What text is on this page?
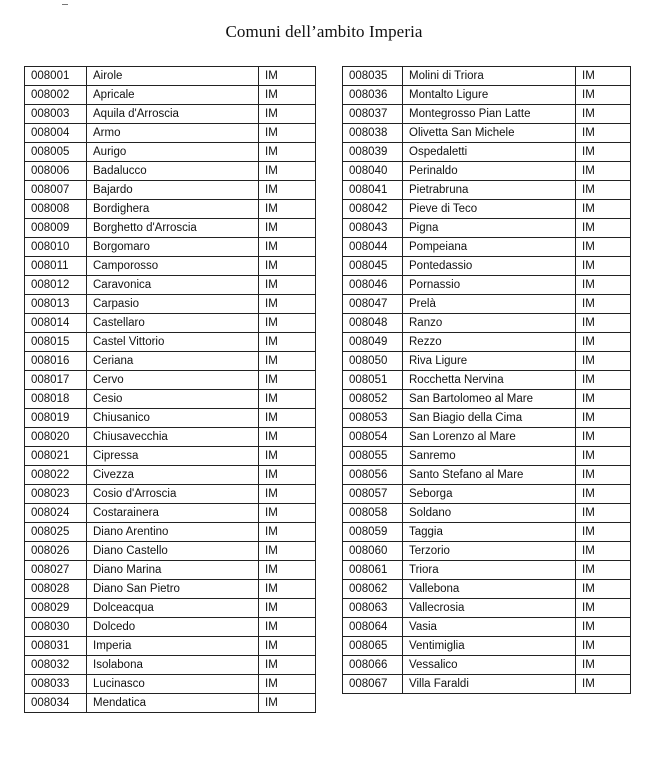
Comuni dell’ambito Imperia
008001	Airole	IM
008002	Apricale	IM
008003	Aquila d'Arroscia	IM
008004	Armo	IM
008005	Aurigo	IM
008006	Badalucco	IM
008007	Bajardo	IM
008008	Bordighera	IM
008009	Borghetto d'Arroscia	IM
008010	Borgomaro	IM
008011	Camporosso	IM
008012	Caravonica	IM
008013	Carpasio	IM
008014	Castellaro	IM
008015	Castel Vittorio	IM
008016	Ceriana	IM
008017	Cervo	IM
008018	Cesio	IM
008019	Chiusanico	IM
008020	Chiusavecchia	IM
008021	Cipressa	IM
008022	Civezza	IM
008023	Cosio d'Arroscia	IM
008024	Costarainera	IM
008025	Diano Arentino	IM
008026	Diano Castello	IM
008027	Diano Marina	IM
008028	Diano San Pietro	IM
008029	Dolceacqua	IM
008030	Dolcedo	IM
008031	Imperia	IM
008032	Isolabona	IM
008033	Lucinasco	IM
008034	Mendatica	IM
008035	Molini di Triora	IM
008036	Montalto Ligure	IM
008037	Montegrosso Pian Latte	IM
008038	Olivetta San Michele	IM
008039	Ospedaletti	IM
008040	Perinaldo	IM
008041	Pietrabruna	IM
008042	Pieve di Teco	IM
008043	Pigna	IM
008044	Pompeiana	IM
008045	Pontedassio	IM
008046	Pornassio	IM
008047	Prelà	IM
008048	Ranzo	IM
008049	Rezzo	IM
008050	Riva Ligure	IM
008051	Rocchetta Nervina	IM
008052	San Bartolomeo al Mare	IM
008053	San Biagio della Cima	IM
008054	San Lorenzo al Mare	IM
008055	Sanremo	IM
008056	Santo Stefano al Mare	IM
008057	Seborga	IM
008058	Soldano	IM
008059	Taggia	IM
008060	Terzorio	IM
008061	Triora	IM
008062	Vallebona	IM
008063	Vallecrosia	IM
008064	Vasia	IM
008065	Ventimiglia	IM
008066	Vessalico	IM
008067	Villa Faraldi	IM
